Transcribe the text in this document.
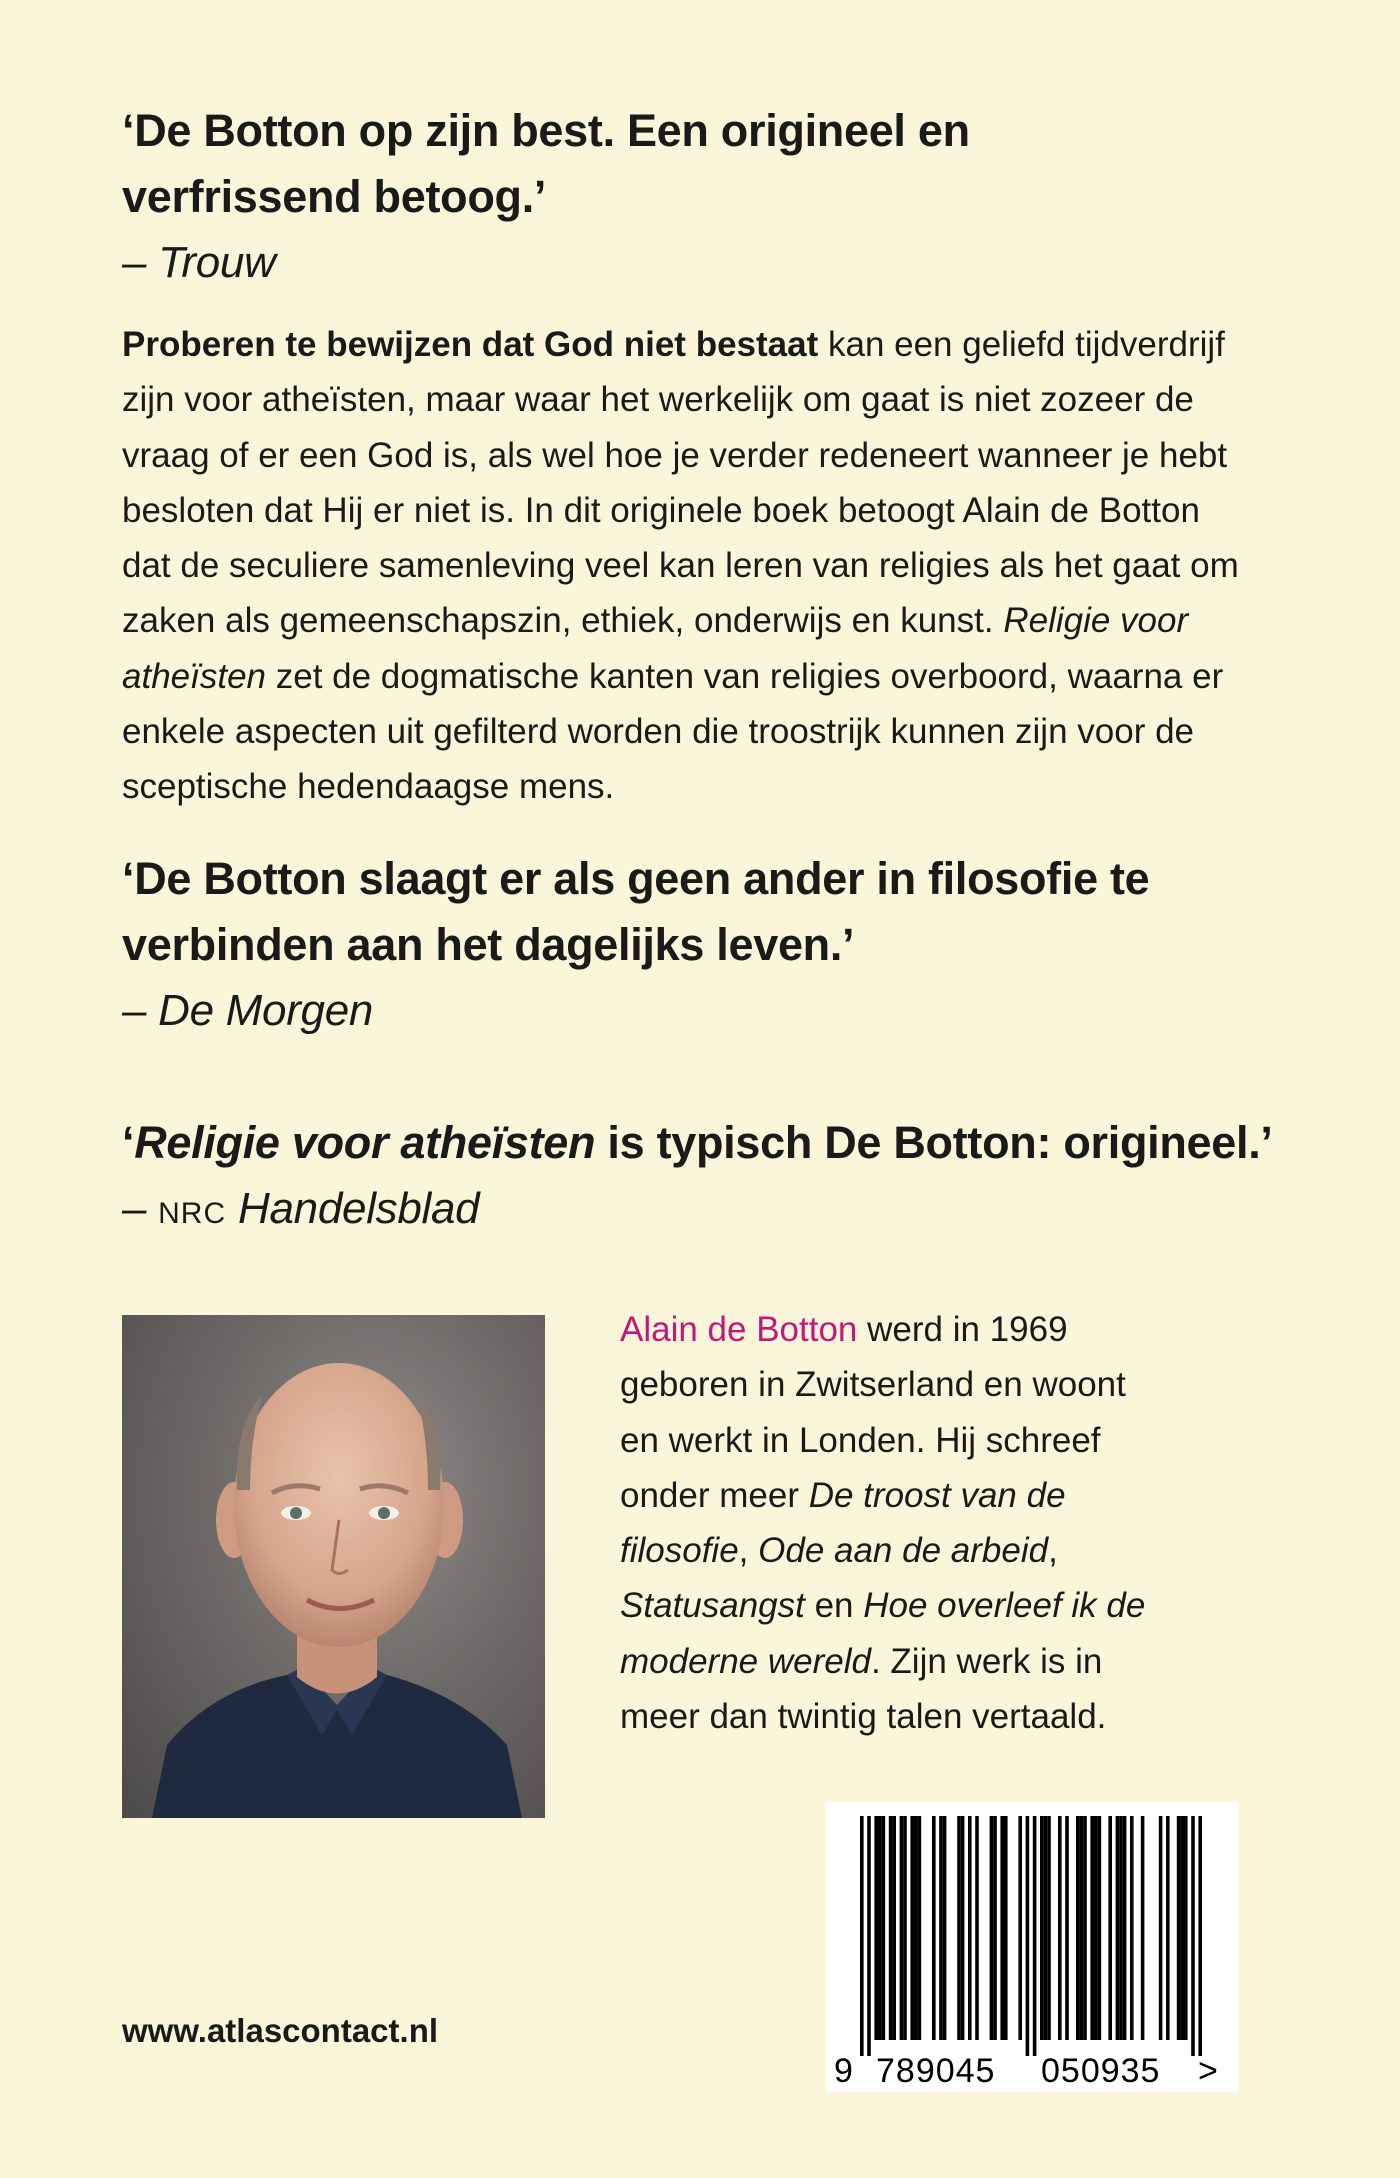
‘De Botton op zijn best. Een origineel en
verfrissend betoog.’
– Trouw
Proberen te bewijzen dat God niet bestaat kan een geliefd tijdverdrijf
zijn voor atheïsten, maar waar het werkelijk om gaat is niet zozeer de
vraag of er een God is, als wel hoe je verder redeneert wanneer je hebt
besloten dat Hij er niet is. In dit originele boek betoogt Alain de Botton
dat de seculiere samenleving veel kan leren van religies als het gaat om
zaken als gemeenschapszin, ethiek, onderwijs en kunst. Religie voor
atheïsten zet de dogmatische kanten van religies overboord, waarna er
enkele aspecten uit gefilterd worden die troostrijk kunnen zijn voor de
sceptische hedendaagse mens.
‘De Botton slaagt er als geen ander in filosofie te
verbinden aan het dagelijks leven.’
– De Morgen
‘Religie voor atheïsten is typisch De Botton: origineel.’
– NRC Handelsblad
Alain de Botton werd in 1969
geboren in Zwitserland en woont
en werkt in Londen. Hij schreef
onder meer De troost van de
filosofie, Ode aan de arbeid,
Statusangst en Hoe overleef ik de
moderne wereld. Zijn werk is in
meer dan twintig talen vertaald.
www.atlascontact.nl
9 789045 050935 >
